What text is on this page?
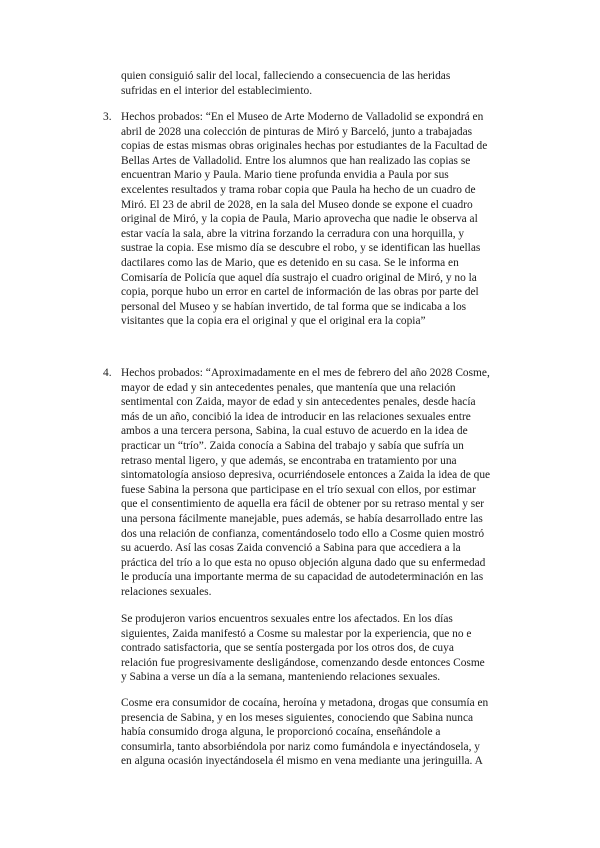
quien consiguió salir del local, falleciendo a consecuencia de las heridas
sufridas en el interior del establecimiento.
3. Hechos probados: “En el Museo de Arte Moderno de Valladolid se expondrá en
abril de 2028 una colección de pinturas de Miró y Barceló, junto a trabajadas
copias de estas mismas obras originales hechas por estudiantes de la Facultad de
Bellas Artes de Valladolid. Entre los alumnos que han realizado las copias se
encuentran Mario y Paula. Mario tiene profunda envidia a Paula por sus
excelentes resultados y trama robar copia que Paula ha hecho de un cuadro de
Miró. El 23 de abril de 2028, en la sala del Museo donde se expone el cuadro
original de Miró, y la copia de Paula, Mario aprovecha que nadie le observa al
estar vacía la sala, abre la vitrina forzando la cerradura con una horquilla, y
sustrae la copia. Ese mismo día se descubre el robo, y se identifican las huellas
dactilares como las de Mario, que es detenido en su casa. Se le informa en
Comisaría de Policía que aquel día sustrajo el cuadro original de Miró, y no la
copia, porque hubo un error en cartel de información de las obras por parte del
personal del Museo y se habían invertido, de tal forma que se indicaba a los
visitantes que la copia era el original y que el original era la copia”
4. Hechos probados: “Aproximadamente en el mes de febrero del año 2028 Cosme,
mayor de edad y sin antecedentes penales, que mantenía que una relación
sentimental con Zaida, mayor de edad y sin antecedentes penales, desde hacía
más de un año, concibió la idea de introducir en las relaciones sexuales entre
ambos a una tercera persona, Sabina, la cual estuvo de acuerdo en la idea de
practicar un “trío”. Zaida conocía a Sabina del trabajo y sabía que sufría un
retraso mental ligero, y que además, se encontraba en tratamiento por una
sintomatología ansioso depresiva, ocurriéndosele entonces a Zaida la idea de que
fuese Sabina la persona que participase en el trío sexual con ellos, por estimar
que el consentimiento de aquella era fácil de obtener por su retraso mental y ser
una persona fácilmente manejable, pues además, se había desarrollado entre las
dos una relación de confianza, comentándoselo todo ello a Cosme quien mostró
su acuerdo. Así las cosas Zaida convenció a Sabina para que accediera a la
práctica del trío a lo que esta no opuso objeción alguna dado que su enfermedad
le producía una importante merma de su capacidad de autodeterminación en las
relaciones sexuales.
Se produjeron varios encuentros sexuales entre los afectados. En los días
siguientes, Zaida manifestó a Cosme su malestar por la experiencia, que no e
contrado satisfactoria, que se sentía postergada por los otros dos, de cuya
relación fue progresivamente desligándose, comenzando desde entonces Cosme
y Sabina a verse un día a la semana, manteniendo relaciones sexuales.
Cosme era consumidor de cocaína, heroína y metadona, drogas que consumía en
presencia de Sabina, y en los meses siguientes, conociendo que Sabina nunca
había consumido droga alguna, le proporcionó cocaína, enseñándole a
consumirla, tanto absorbiéndola por nariz como fumándola e inyectándosela, y
en alguna ocasión inyectándosela él mismo en vena mediante una jeringuilla. A
